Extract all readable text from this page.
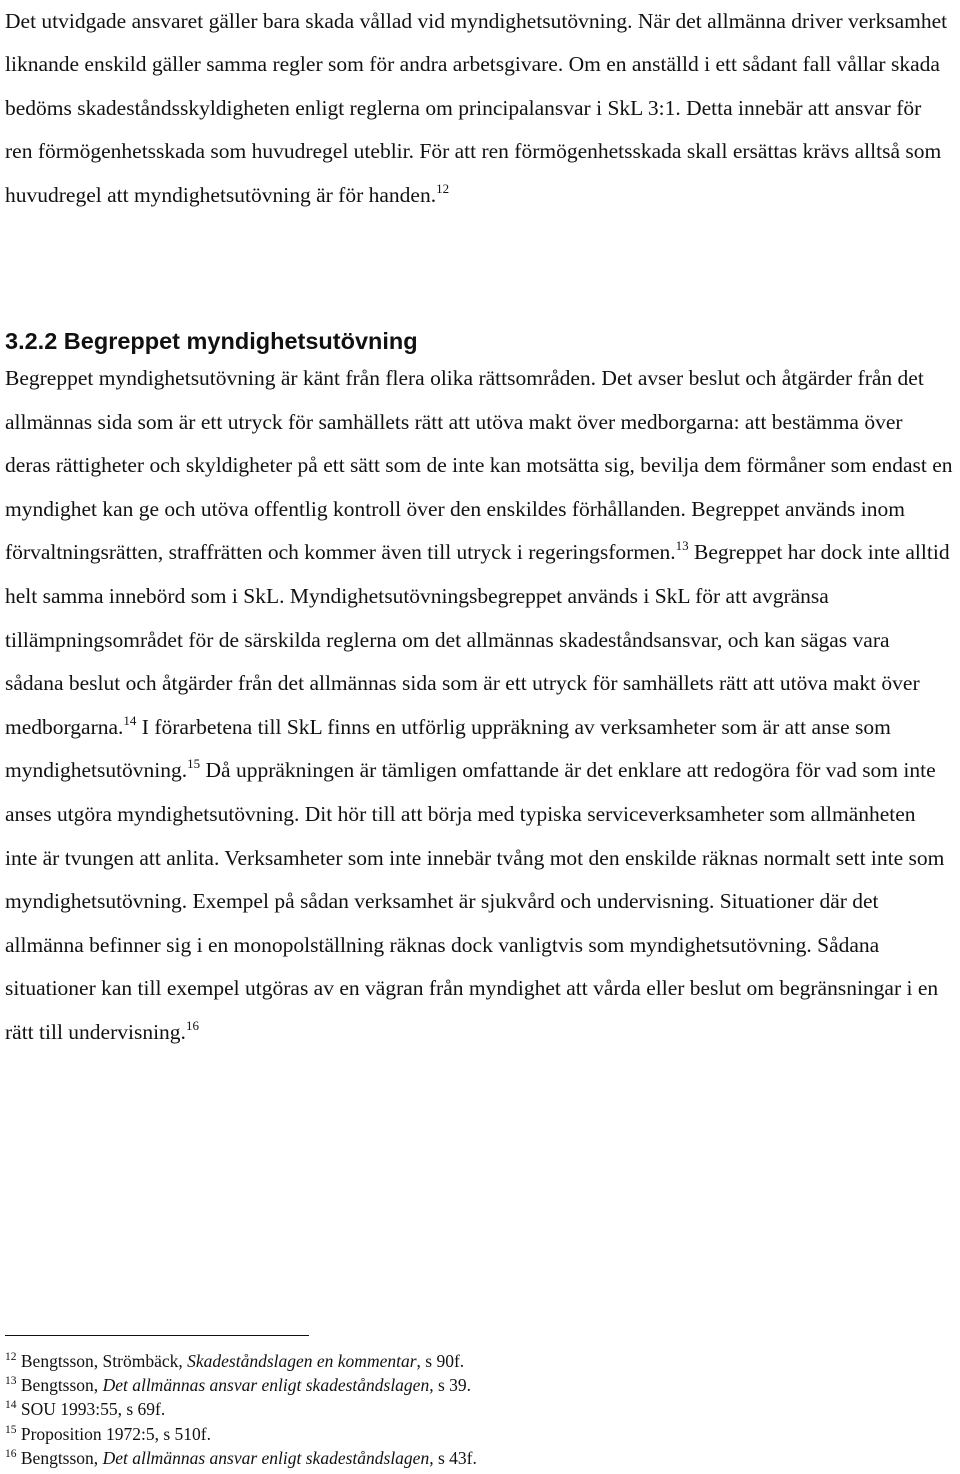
Det utvidgade ansvaret gäller bara skada vållad vid myndighetsutövning. När det allmänna driver verksamhet liknande enskild gäller samma regler som för andra arbetsgivare. Om en anställd i ett sådant fall vållar skada bedöms skadeståndsskyldigheten enligt reglerna om principalansvar i SkL 3:1. Detta innebär att ansvar för ren förmögenhetsskada som huvudregel uteblir. För att ren förmögenhetsskada skall ersättas krävs alltså som huvudregel att myndighetsutövning är för handen.$^{12}$

3.2.2 Begreppet myndighetsutövning

Begreppet myndighetsutövning är känt från flera olika rättsområden. Det avser beslut och åtgärder från det allmännas sida som är ett utryck för samhällets rätt att utöva makt över medborgarna: att bestämma över deras rättigheter och skyldigheter på ett sätt som de inte kan motsätta sig, bevilja dem förmåner som endast en myndighet kan ge och utöva offentlig kontroll över den enskildes förhållanden. Begreppet används inom förvaltningsrätten, straffrätten och kommer även till utryck i regeringsformen.$^{13}$ Begreppet har dock inte alltid helt samma innebörd som i SkL. Myndighetsutövningsbegreppet används i SkL för att avgränsa tillämpningsområdet för de särskilda reglerna om det allmännas skadeståndsansvar, och kan sägas vara sådana beslut och åtgärder från det allmännas sida som är ett utryck för samhällets rätt att utöva makt över medborgarna.$^{14}$ I förarbetena till SkL finns en utförlig uppräkning av verksamheter som är att anse som myndighetsutövning.$^{15}$ Då uppräkningen är tämligen omfattande är det enklare att redogöra för vad som inte anses utgöra myndighetsutövning. Dit hör till att börja med typiska serviceverksamheter som allmänheten inte är tvungen att anlita. Verksamheter som inte innebär tvång mot den enskilde räknas normalt sett inte som myndighetsutövning. Exempel på sådan verksamhet är sjukvård och undervisning. Situationer där det allmänna befinner sig i en monopolställning räknas dock vanligtvis som myndighetsutövning. Sådana situationer kan till exempel utgöras av en vägran från myndighet att vårda eller beslut om begränsningar i en rätt till undervisning.$^{16}$

$^{12}$ Bengtsson, Strömbäck, Skadeståndslagen en kommentar, s 90f.
$^{13}$ Bengtsson, Det allmännas ansvar enligt skadeståndslagen, s 39.
$^{14}$ SOU 1993:55, s 69f.
$^{15}$ Proposition 1972:5, s 510f.
$^{16}$ Bengtsson, Det allmännas ansvar enligt skadeståndslagen, s 43f.
